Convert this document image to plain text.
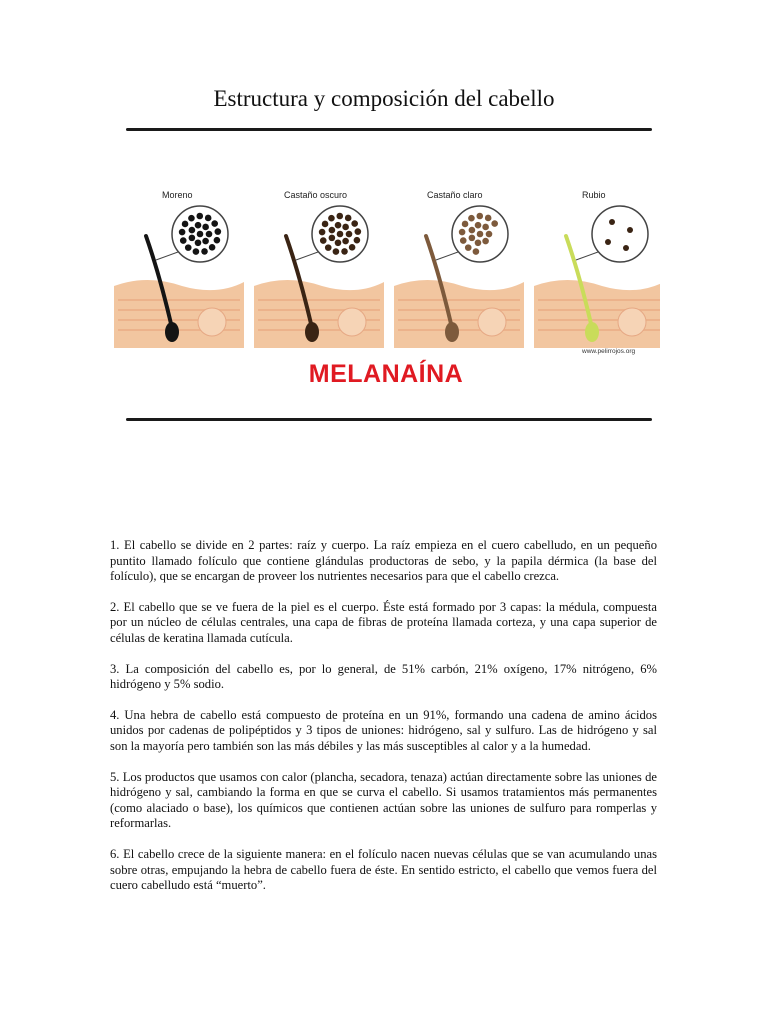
Estructura y composición del cabello
Moreno	Castaño oscuro	Castaño claro	Rubio
www.pelirrojos.org
MELANAÍNA

1. El cabello se divide en 2 partes: raíz y cuerpo. La raíz empieza en el cuero cabelludo, en un pequeño puntito llamado folículo que contiene glándulas productoras de sebo, y la papila dérmica (la base del folículo), que se encargan de proveer los nutrientes necesarios para que el cabello crezca.

2. El cabello que se ve fuera de la piel es el cuerpo. Éste está formado por 3 capas: la médula, compuesta por un núcleo de células centrales, una capa de fibras de proteína llamada corteza, y una capa superior de células de keratina llamada cutícula.

3. La composición del cabello es, por lo general, de 51% carbón, 21% oxígeno, 17% nitrógeno, 6% hidrógeno y 5% sodio.

4. Una hebra de cabello está compuesto de proteína en un 91%, formando una cadena de amino ácidos unidos por cadenas de polipéptidos y 3 tipos de uniones: hidrógeno, sal y sulfuro. Las de hidrógeno y sal son la mayoría pero también son las más débiles y las más susceptibles al calor y a la humedad.

5. Los productos que usamos con calor (plancha, secadora, tenaza) actúan directamente sobre las uniones de hidrógeno y sal, cambiando la forma en que se curva el cabello. Si usamos tratamientos más permanentes (como alaciado o base), los químicos que contienen actúan sobre las uniones de sulfuro para romperlas y reformarlas.

6. El cabello crece de la siguiente manera: en el folículo nacen nuevas células que se van acumulando unas sobre otras, empujando la hebra de cabello fuera de éste. En sentido estricto, el cabello que vemos fuera del cuero cabelludo está “muerto”.
